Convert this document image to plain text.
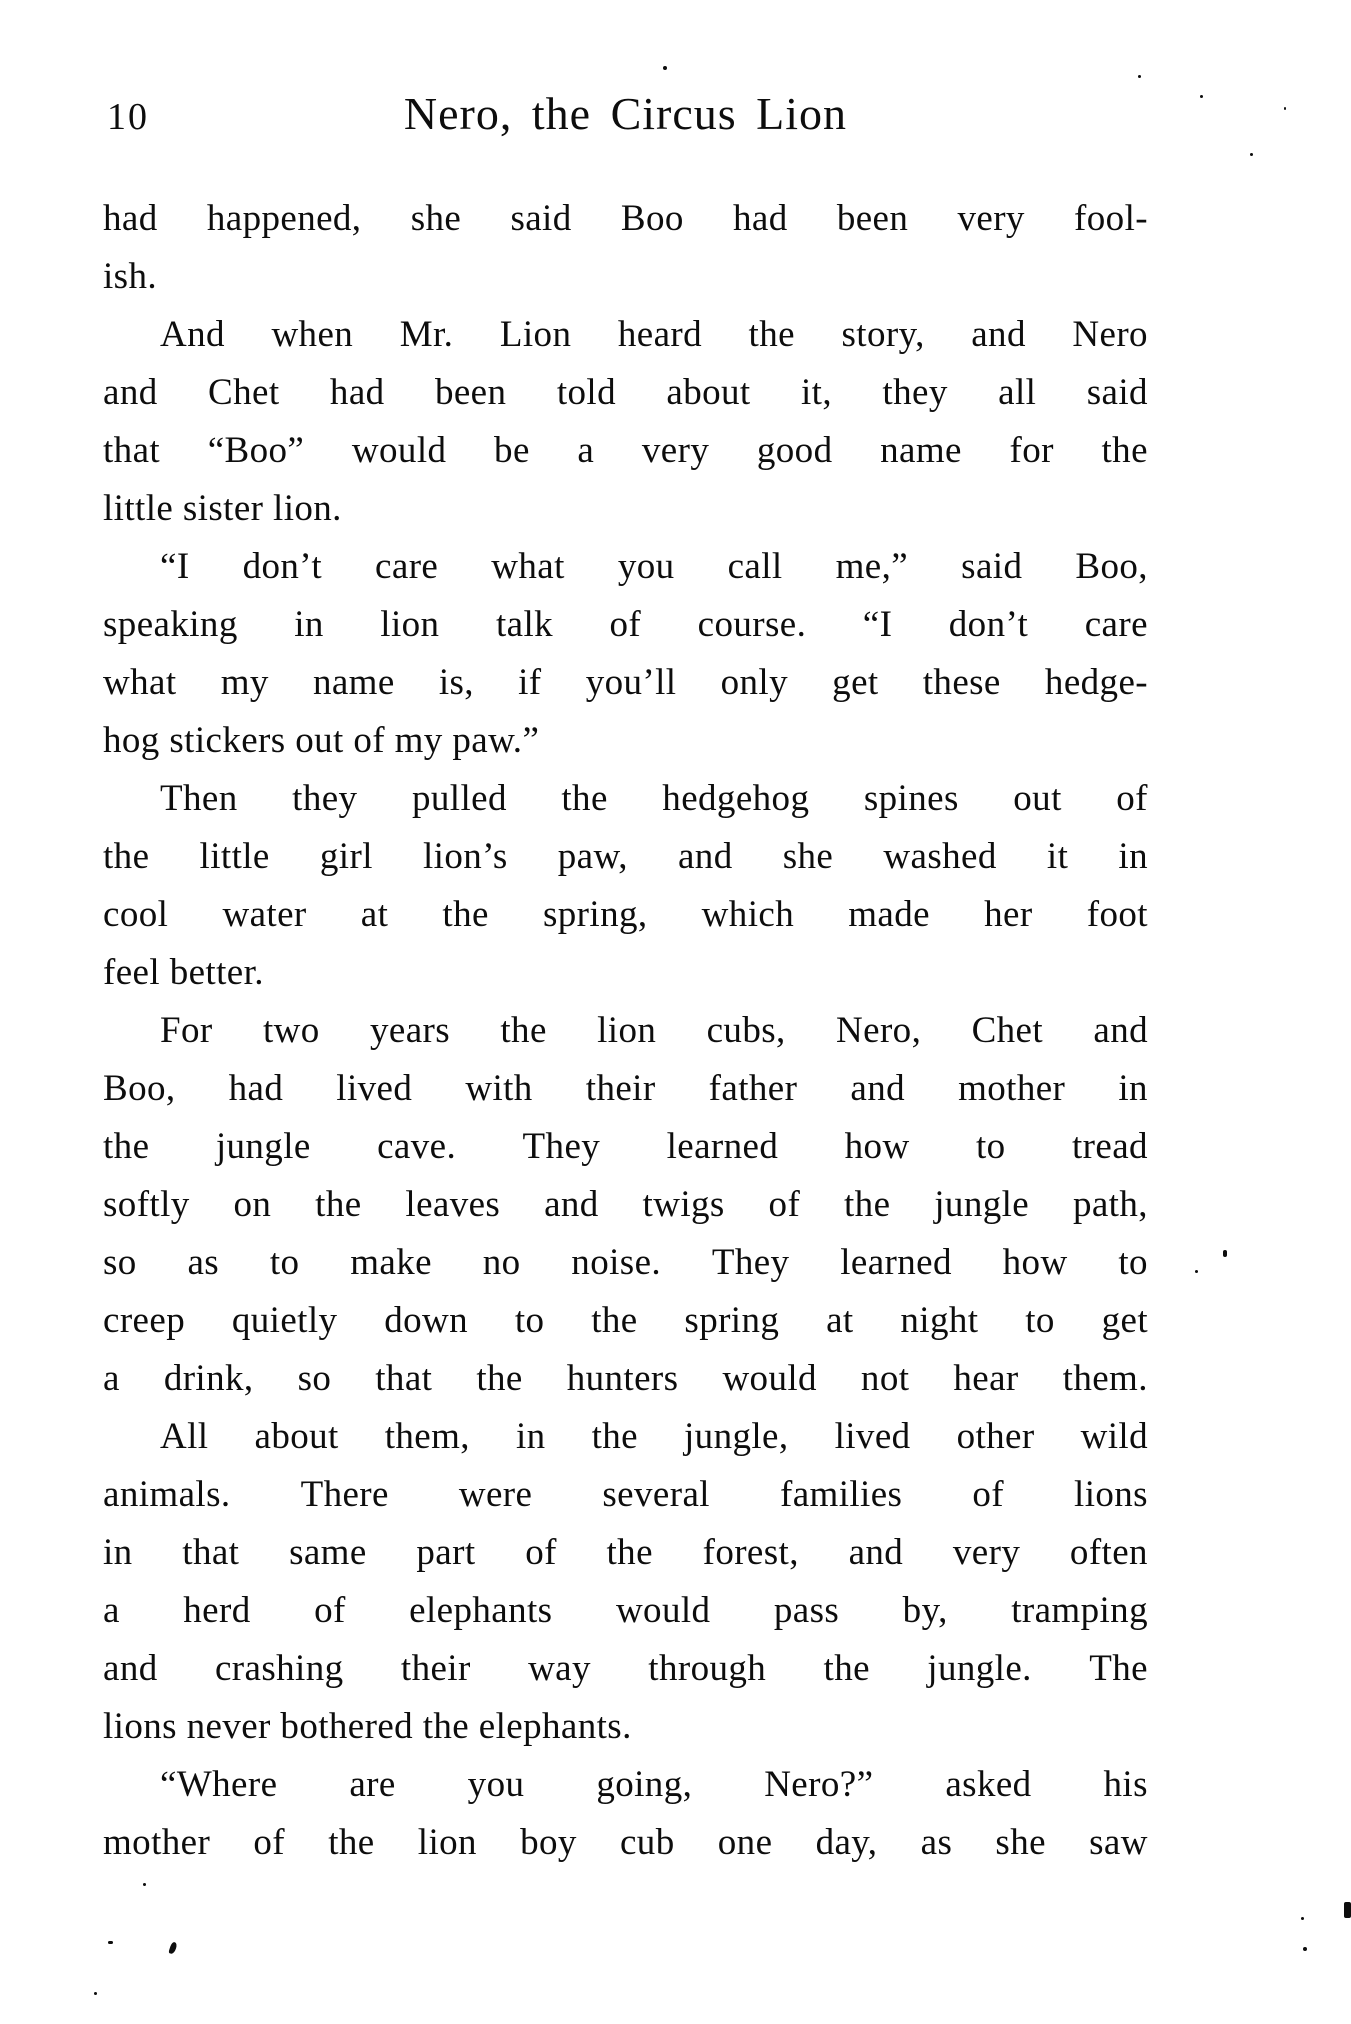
10	Nero, the Circus Lion
had happened, she said Boo had been very fool-
ish.
And when Mr. Lion heard the story, and Nero
and Chet had been told about it, they all said
that “Boo” would be a very good name for the
little sister lion.
“I don’t care what you call me,” said Boo,
speaking in lion talk of course. “I don’t care
what my name is, if you’ll only get these hedge-
hog stickers out of my paw.”
Then they pulled the hedgehog spines out of
the little girl lion’s paw, and she washed it in
cool water at the spring, which made her foot
feel better.
For two years the lion cubs, Nero, Chet and
Boo, had lived with their father and mother in
the jungle cave. They learned how to tread
softly on the leaves and twigs of the jungle path,
so as to make no noise. They learned how to
creep quietly down to the spring at night to get
a drink, so that the hunters would not hear them.
All about them, in the jungle, lived other wild
animals. There were several families of lions
in that same part of the forest, and very often
a herd of elephants would pass by, tramping
and crashing their way through the jungle. The
lions never bothered the elephants.
“Where are you going, Nero?” asked his
mother of the lion boy cub one day, as she saw
